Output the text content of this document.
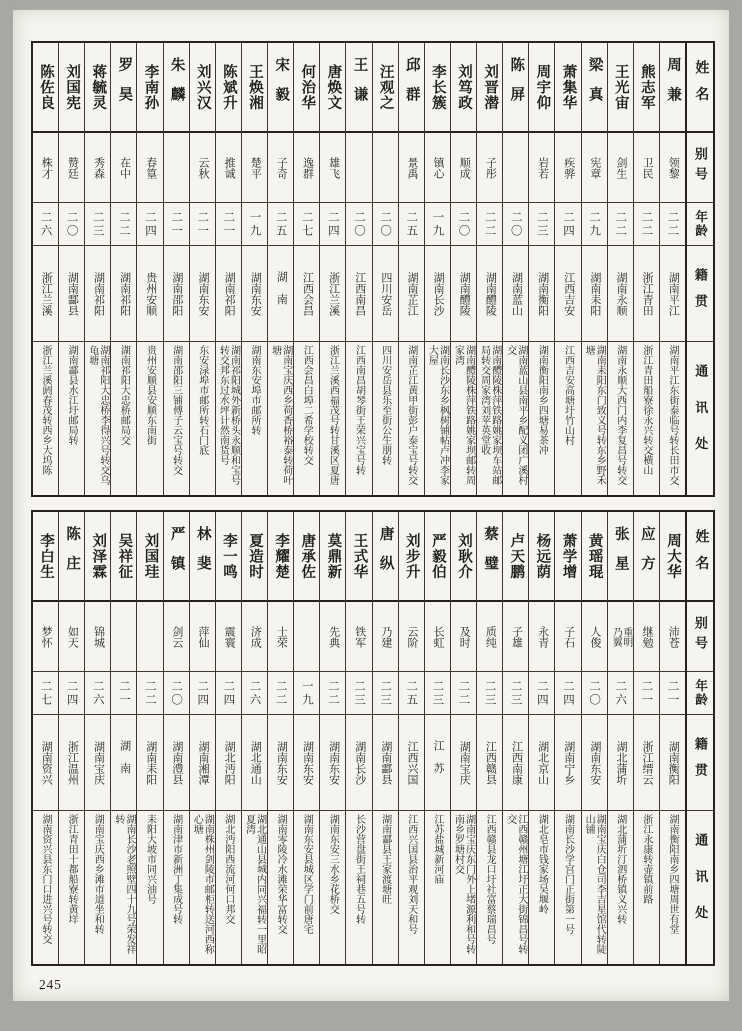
姓名
别号
年龄
籍贯
通讯处
周兼
领黎
二二
湖南平江
湖南平江东街泰临号转长田市交
熊志军
卫民
二二
浙江青田
浙江青田船寮徐永兴转交横山
王光宙
剑生
二二
湖南永顺
湖南永顺大西门内李复昌号转交
梁真
宪章
二九
湖南耒阳
湖南耒阳东门致义号转东乡野禾塘
萧集华
疾骅
二四
江西吉安
江西吉安高塘圩竹山村
周宇仰
岩若
二三
湖南衡阳
湖南衡阳南乡四塘易茶冲
陈屏
二〇
湖南蓝山
湖南蓝山县南平乡配义团广溪村交
刘晋潜
子彤
二二
湖南醴陵
湖南醴陵株萍铁路姚家坝车站邮局转交周家湾刘苹英堂收
刘笃政
顺成
二〇
湖南醴陵
湖南醴陵株萍铁路姚家坝邮转周家湾
李长簇
镇心
一九
湖南长沙
湖南长沙东乡枫树铺帖卢冲李家大屋
邱群
景禹
二五
湖南芷江
湖南芷江黄甲街彭户泰宝号转交
汪观之
二〇
四川安岳
四川安岳县乐至街公生朋转
王谦
二〇
江西南昌
江西南昌胡琴街王荣兴宝号转
唐焕文
雄飞
二四
浙江兰溪
浙江兰溪西福茂号转甘溪区夏唐
何治华
逸群
二七
江西会昌
江西会昌白埠二希学校转交
宋毅
子奇
二五
湖南
湖南宝庆西乡荷香桥裕泰转荷叶塘
王焕湘
楚平
一九
湖南东安
湖南东安埠市邮所转
陈斌升
推诚
二一
湖南祁阳
湖南祁阳城外新桥头永顺和宝号转交邦东过水坪计然南货号
刘兴汉
云秋
二一
湖南东安
东安渌埠市邮所转石门底
朱麟
二一
湖南邵阳
湖南邵阳三铺傅子云宝号转交
李南孙
春篁
二四
贵州安顺
贵州安顺县安顺东南街
罗昊
在中
二二
湖南祁阳
湖南祁阳大忠桥邮局交
蒋毓灵
秀森
二三
湖南祁阳
湖南祁阳大忠桥李得兴号转交乌龟塘
刘国宪
赞廷
二〇
湖南酃县
湖南酃县水江圩邮局转
陈佐良
株才
二六
浙江兰溪
浙江兰溪阏春茂转西乡大坞陈
姓名
别号
年龄
籍贯
通讯处
周大华
沛苍
二一
湖南衡阳
湖南衡阳南乡四塘周世有堂
应方
继勉
二一
浙江缙云
浙江永康转壶镇前路
张星
重明乃翼
二六
湖北蒲圻
湖北蒲圻汀泗桥镇义兴转
黄瑶琨
人俊
二〇
湖南东安
湖南宝庆白仓司李吉星馆代转陡山铺
萧学增
子石
二四
湖南宁乡
湖南长沙学宫门正街第一号
杨远荫
永青
二四
湖北京山
湖北皂市钱家场吴堰岭
卢天鹏
子雄
二三
江西南康
江西赣州塘江圩正大街锦昌号转交
蔡璧
质纯
二三
江西赣县
江西赣县龙口圩社富蔡瑞昌号
刘耿介
及时
二二
湖南宝庆
湖南宝庆东门外上堵源利和号转南乡罗塘村交
严毅伯
长虹
二三
江苏
江苏盐城新河庙
刘步升
云阶
二五
江西兴国
江西兴国县治平观刘天和号
唐纵
乃建
二三
湖南酃县
湖南酃县王家渡塘旺
王式华
铁军
二三
湖南长沙
长沙营盘街王祠巷五号转
莫鼎新
先典
二二
湖南东安
湖南东安三水乡花桥交
唐承佐
一九
湖南东安
湖南东安县城区学门前唐宅
李耀楚
士荣
二二
湖南东安
湖南零陵冷水滩荣华富转交
夏造时
济成
二六
湖北通山
湖北通山县城内同兴福转一里昭夏湾
李一鸣
震寰
二四
湖北沔阳
湖北沔阳西流河何口邦交
林斐
萍仙
二四
湖南湘潭
湖南株州剑陵市邮柜转送河西称心塘
严镇
剑云
二〇
湖南澧县
湖南津市新洲丁集成号转
刘国珪
二二
湖南耒阳
耒阳大坡市同兴油号
吴祥征
二一
湖南
湖南长沙老照壁四十九号荣发祥转
刘泽霖
锦城
二六
湖南宝庆
湖南宝庆西乡滩市道坐和转
陈庄
如天
二四
浙江温州
浙江青田十都船寮转黄垟
李白生
梦怀
二七
湖南资兴
湖南资兴县东门口进兴号转交
245
